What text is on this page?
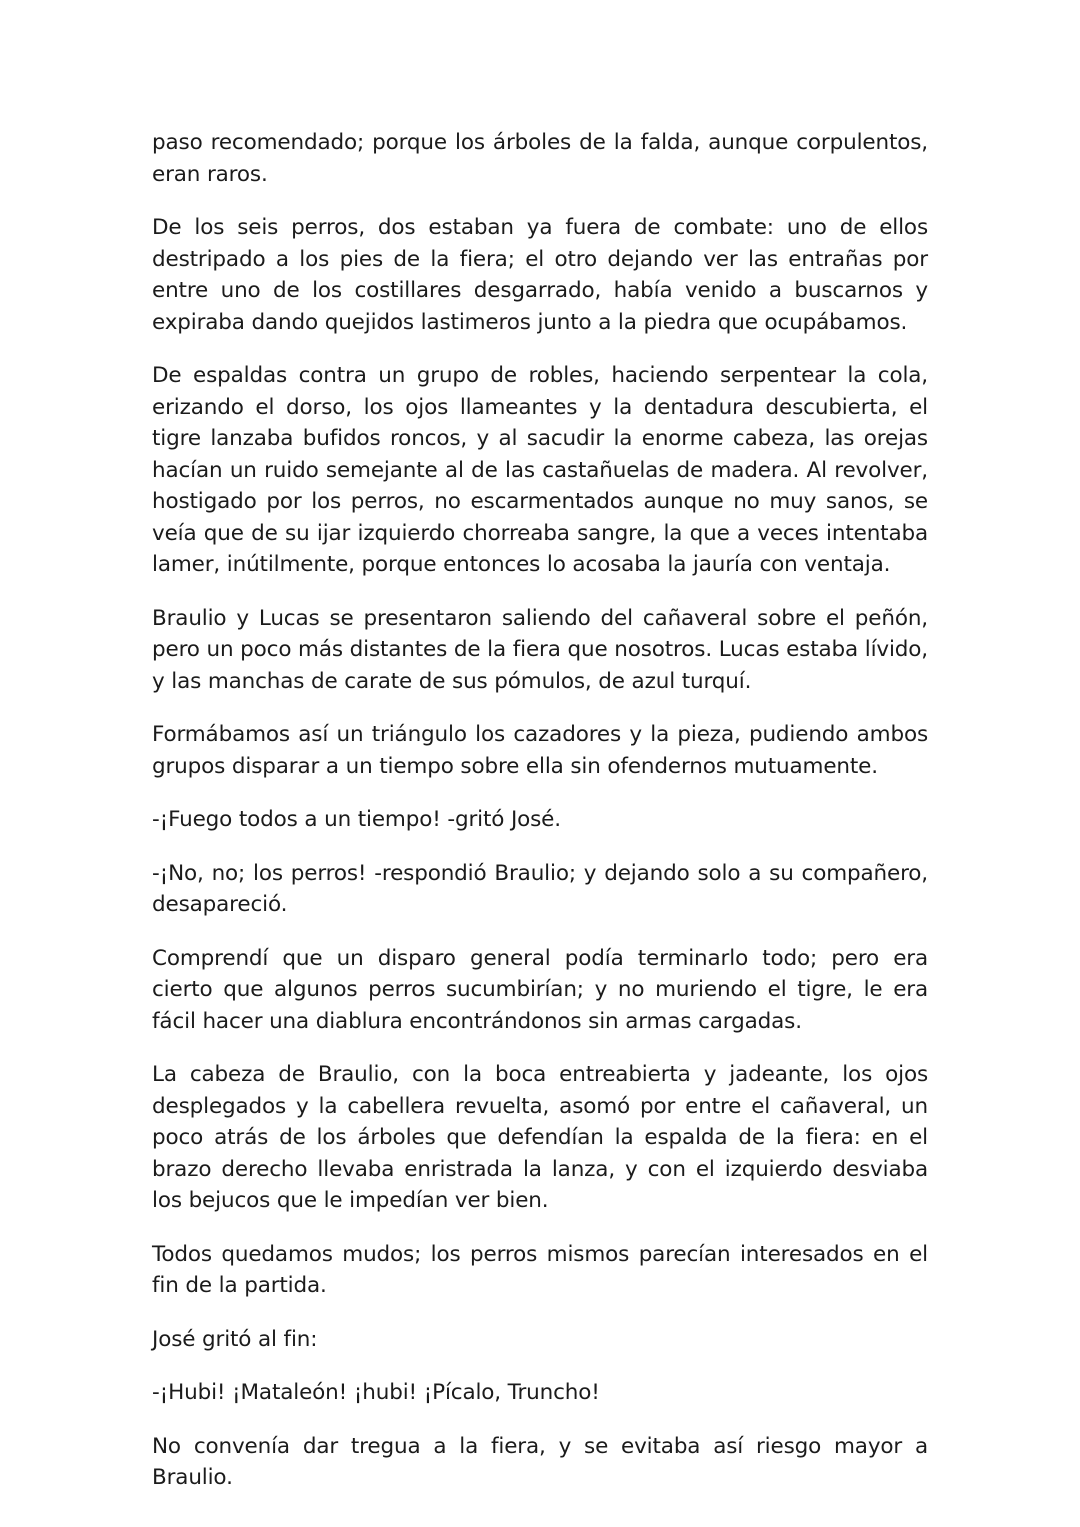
paso recomendado; porque los árboles de la falda, aunque corpulentos, eran raros.

De los seis perros, dos estaban ya fuera de combate: uno de ellos destripado a los pies de la fiera; el otro dejando ver las entrañas por entre uno de los costillares desgarrado, había venido a buscarnos y expiraba dando quejidos lastimeros junto a la piedra que ocupábamos.

De espaldas contra un grupo de robles, haciendo serpentear la cola, erizando el dorso, los ojos llameantes y la dentadura descubierta, el tigre lanzaba bufidos roncos, y al sacudir la enorme cabeza, las orejas hacían un ruido semejante al de las castañuelas de madera. Al revolver, hostigado por los perros, no escarmentados aunque no muy sanos, se veía que de su ijar izquierdo chorreaba sangre, la que a veces intentaba lamer, inútilmente, porque entonces lo acosaba la jauría con ventaja.

Braulio y Lucas se presentaron saliendo del cañaveral sobre el peñón, pero un poco más distantes de la fiera que nosotros. Lucas estaba lívido, y las manchas de carate de sus pómulos, de azul turquí.

Formábamos así un triángulo los cazadores y la pieza, pudiendo ambos grupos disparar a un tiempo sobre ella sin ofendernos mutuamente.

-¡Fuego todos a un tiempo! -gritó José.

-¡No, no; los perros! -respondió Braulio; y dejando solo a su compañero, desapareció.

Comprendí que un disparo general podía terminarlo todo; pero era cierto que algunos perros sucumbirían; y no muriendo el tigre, le era fácil hacer una diablura encontrándonos sin armas cargadas.

La cabeza de Braulio, con la boca entreabierta y jadeante, los ojos desplegados y la cabellera revuelta, asomó por entre el cañaveral, un poco atrás de los árboles que defendían la espalda de la fiera: en el brazo derecho llevaba enristrada la lanza, y con el izquierdo desviaba los bejucos que le impedían ver bien.

Todos quedamos mudos; los perros mismos parecían interesados en el fin de la partida.

José gritó al fin:

-¡Hubi! ¡Mataleón! ¡hubi! ¡Pícalo, Truncho!

No convenía dar tregua a la fiera, y se evitaba así riesgo mayor a Braulio.
